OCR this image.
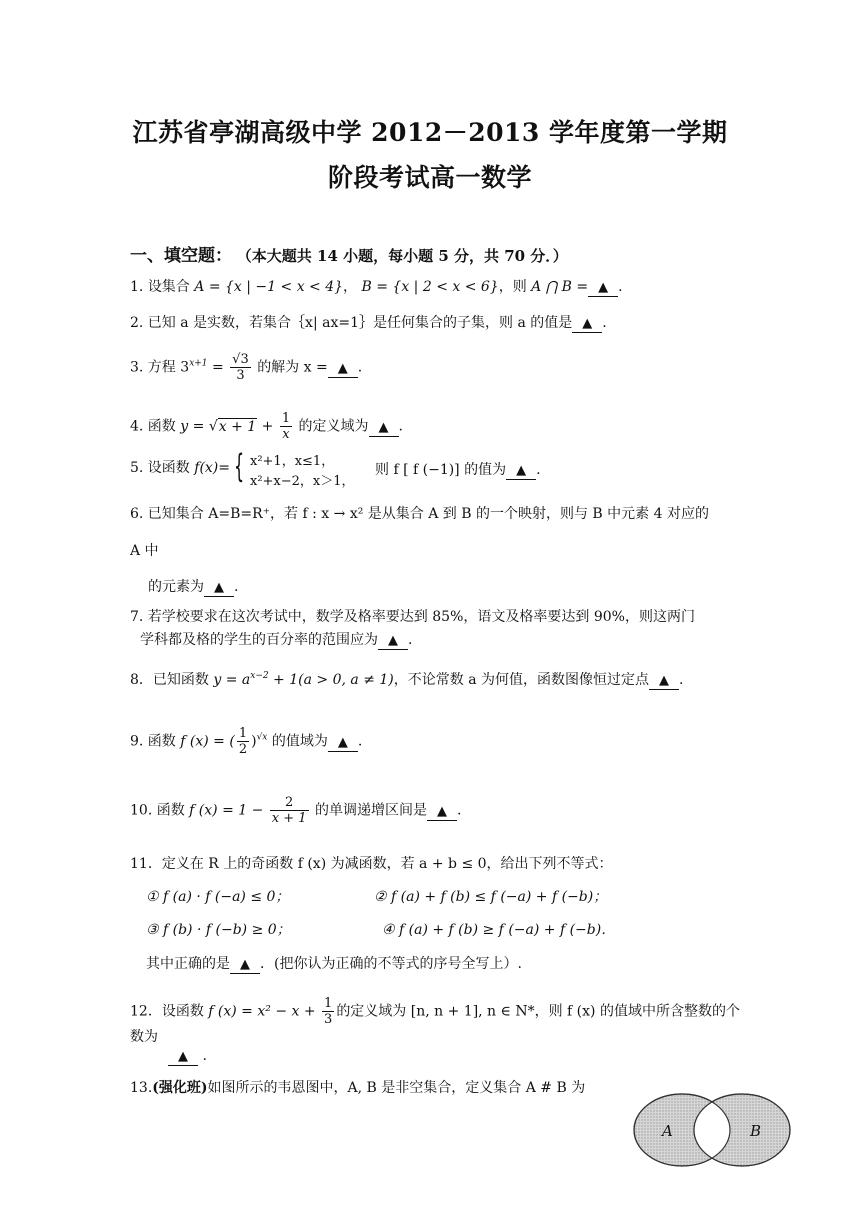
江苏省亭湖高级中学 2012－2013 学年度第一学期
阶段考试高一数学
一、填空题： （本大题共 14 小题，每小题 5 分，共 70 分．）
1. 设集合 A = {x | −1 < x < 4}， B = {x | 2 < x < 6}，则 A ⋂ B = ▲ .
2. 已知 a 是实数，若集合｛x| ax=1｝是任何集合的子集，则 a 的值是 ▲ .
3. 方程 $3^{x+1} = \frac{√3}{3}$ 的解为 x = ▲ .
4. 函数 $y = √x + 1 + \frac{1}{x}$ 的定义域为 ▲ .
5. 设函数 f(x)= { x²+1，x≤1，
x²+x−2，x＞1，
则 f [ f (−1)] 的值为 ▲ .
6. 已知集合 A=B=R⁺，若 f : x → x² 是从集合 A 到 B 的一个映射，则与 B 中元素 4 对应的
A 中
的元素为 ▲ .
7. 若学校要求在这次考试中，数学及格率要达到 85%，语文及格率要达到 90%，则这两门
学科都及格的学生的百分率的范围应为 ▲ .
8．已知函数 $y = a^{x-2} + 1(a > 0$, a ≠ 1)，不论常数 a 为何值，函数图像恒过定点 ▲ .
9. 函数 f (x) = ( $\frac{1}{2} )^{√x}$ 的值域为 ▲ .
10. 函数 f $(x) = 1 - \frac{2}{x + 1}$ 的单调递增区间是 ▲ .
11．定义在 R 上的奇函数 f (x) 为减函数，若 a + b ≤ 0，给出下列不等式：
① f (a) · f (−a) ≤ 0；	② f (a) + f (b) ≤ f (−a) + f (−b)；
③ f (b) · f (−b) ≥ 0；	④ f (a) + f (b) ≥ f (−a) + f (−b)．
其中正确的是 ▲ ．(把你认为正确的不等式的序号全写上）.
12．设函数 f $(x) = x^2 - x + \frac{1}{3}$ 的定义域为 [n, n + 1], n ∈ N*，则 f (x) 的值域中所含整数的个
数为
▲ .
13.(强化班)如图所示的韦恩图中，A, B 是非空集合，定义集合 A # B 为
A	B
